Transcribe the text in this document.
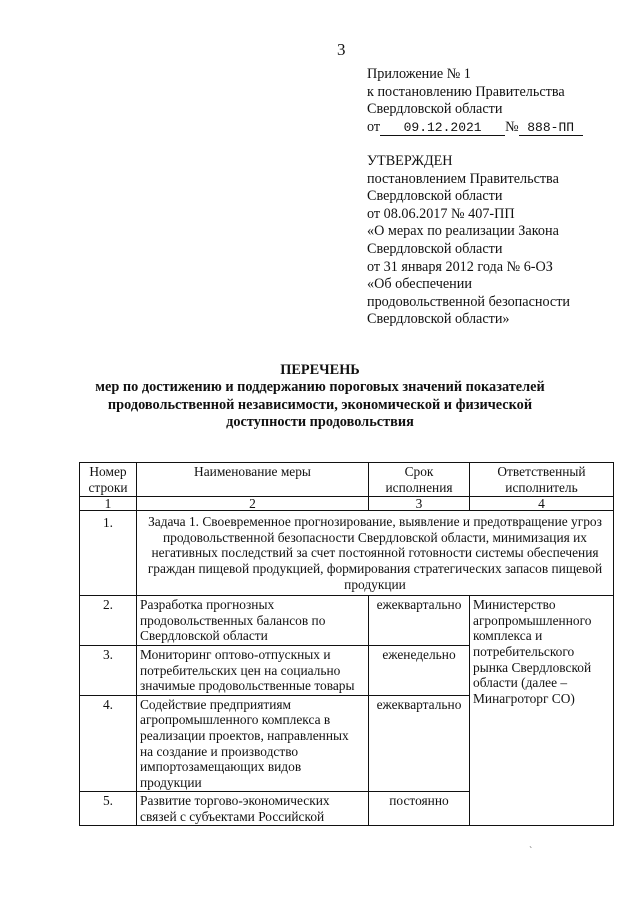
3
Приложение № 1
к постановлению Правительства
Свердловской области
от 09.12.2021 № 888-ПП
УТВЕРЖДЕН
постановлением Правительства
Свердловской области
от 08.06.2017 № 407-ПП
«О мерах по реализации Закона
Свердловской области
от 31 января 2012 года № 6-ОЗ
«Об обеспечении
продовольственной безопасности
Свердловской области»
ПЕРЕЧЕНЬ
мер по достижению и поддержанию пороговых значений показателей
продовольственной независимости, экономической и физической
доступности продовольствия
Номер строки	Наименование меры	Срок исполнения	Ответственный исполнитель
1	2	3	4
1.	Задача 1. Своевременное прогнозирование, выявление и предотвращение угроз продовольственной безопасности Свердловской области, минимизация их негативных последствий за счет постоянной готовности системы обеспечения граждан пищевой продукцией, формирования стратегических запасов пищевой продукции		
2.	Разработка прогнозных продовольственных балансов по Свердловской области	ежеквартально	Министерство агропромышленного комплекса и потребительского рынка Свердловской области (далее – Минагроторг СО)
3.	Мониторинг оптово-отпускных и потребительских цен на социально значимые продовольственные товары	еженедельно	
4.	Содействие предприятиям агропромышленного комплекса в реализации проектов, направленных на создание и производство импортозамещающих видов продукции	ежеквартально	
5.	Развитие торгово-экономических связей с субъектами Российской	постоянно	
`
